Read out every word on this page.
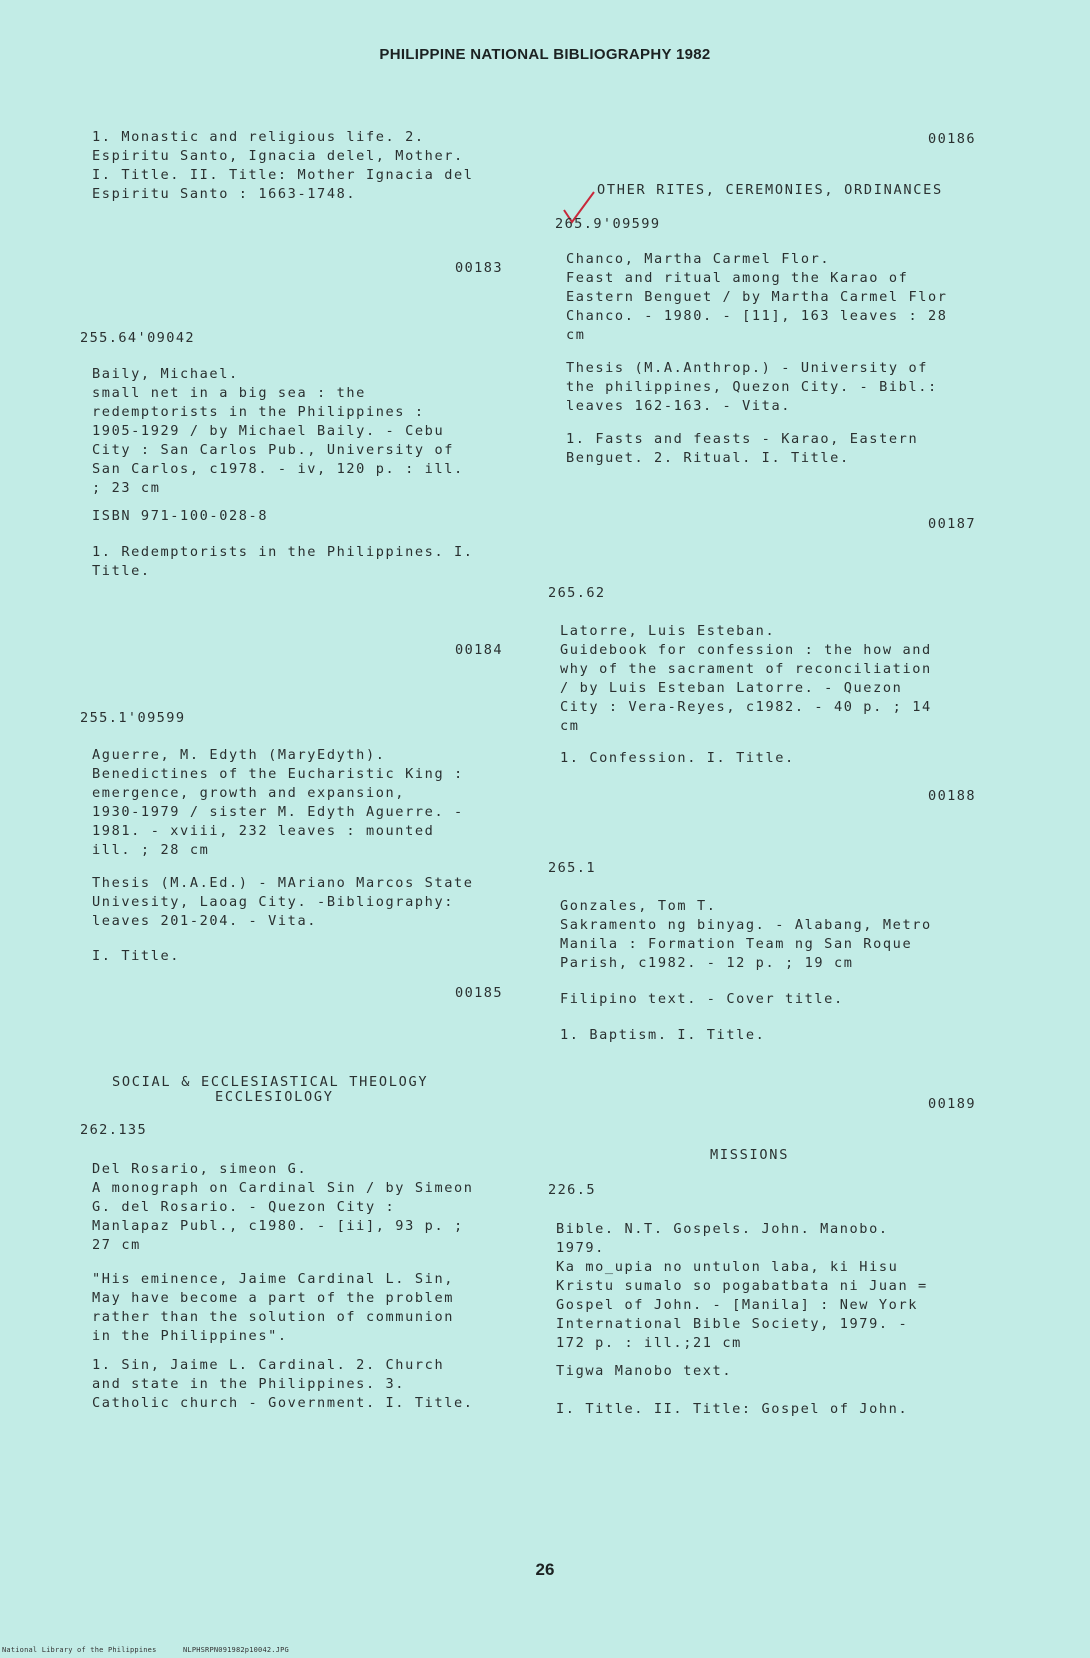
PHILIPPINE NATIONAL BIBLIOGRAPHY 1982
1. Monastic and religious life. 2.
Espiritu Santo, Ignacia delel, Mother.
I. Title. II. Title: Mother Ignacia del
Espiritu Santo : 1663-1748.
00183
255.64'09042
Baily, Michael.
small net in a big sea : the
redemptorists in the Philippines :
1905-1929 / by Michael Baily. - Cebu
City : San Carlos Pub., University of
San Carlos, c1978. - iv, 120 p. : ill.
; 23 cm
ISBN 971-100-028-8
1. Redemptorists in the Philippines. I.
Title.
00184
255.1'09599
Aguerre, M. Edyth (MaryEdyth).
Benedictines of the Eucharistic King :
emergence, growth and expansion,
1930-1979 / sister M. Edyth Aguerre. -
1981. - xviii, 232 leaves : mounted
ill. ; 28 cm
Thesis (M.A.Ed.) - MAriano Marcos State
Univesity, Laoag City. -Bibliography:
leaves 201-204. - Vita.
I. Title.
00185
SOCIAL & ECCLESIASTICAL THEOLOGY
ECCLESIOLOGY
262.135
Del Rosario, simeon G.
A monograph on Cardinal Sin / by Simeon
G. del Rosario. - Quezon City :
Manlapaz Publ., c1980. - [ii], 93 p. ;
27 cm
"His eminence, Jaime Cardinal L. Sin,
May have become a part of the problem
rather than the solution of communion
in the Philippines".
1. Sin, Jaime L. Cardinal. 2. Church
and state in the Philippines. 3.
Catholic church - Government. I. Title.
00186
OTHER RITES, CEREMONIES, ORDINANCES
265.9'09599
Chanco, Martha Carmel Flor.
Feast and ritual among the Karao of
Eastern Benguet / by Martha Carmel Flor
Chanco. - 1980. - [11], 163 leaves : 28
cm
Thesis (M.A.Anthrop.) - University of
the philippines, Quezon City. - Bibl.:
leaves 162-163. - Vita.
1. Fasts and feasts - Karao, Eastern
Benguet. 2. Ritual. I. Title.
00187
265.62
Latorre, Luis Esteban.
Guidebook for confession : the how and
why of the sacrament of reconciliation
/ by Luis Esteban Latorre. - Quezon
City : Vera-Reyes, c1982. - 40 p. ; 14
cm
1. Confession. I. Title.
00188
265.1
Gonzales, Tom T.
Sakramento ng binyag. - Alabang, Metro
Manila : Formation Team ng San Roque
Parish, c1982. - 12 p. ; 19 cm
Filipino text. - Cover title.
1. Baptism. I. Title.
00189
MISSIONS
226.5
Bible. N.T. Gospels. John. Manobo.
1979.
Ka mo_upia no untulon laba, ki Hisu
Kristu sumalo so pogabatbata ni Juan =
Gospel of John. - [Manila] : New York
International Bible Society, 1979. -
172 p. : ill.;21 cm
Tigwa Manobo text.
I. Title. II. Title: Gospel of John.
26
National Library of the Philippines      NLPHSRPN091982p10042.JPG
